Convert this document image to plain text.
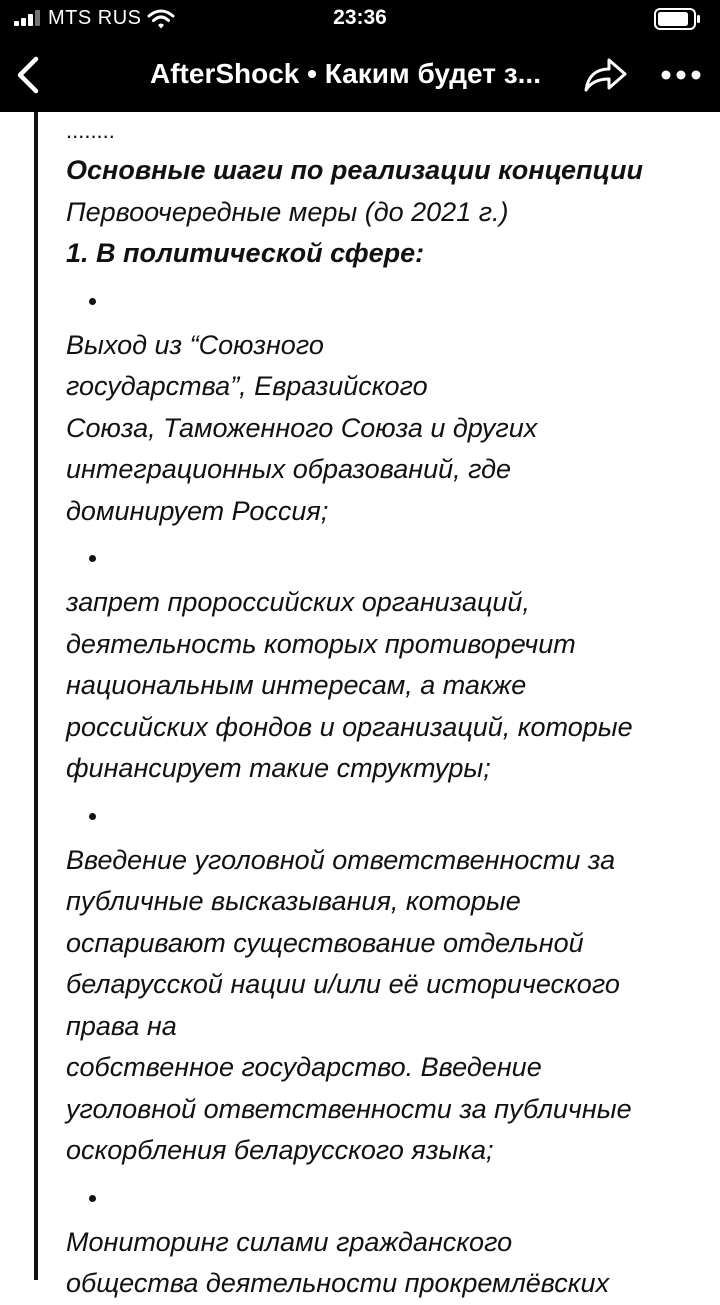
MTS RUS	23:36
AfterShock • Каким будет з...

........

Основные шаги по реализации концепции

Первоочередные меры (до 2021 г.)

1. В политической сфере:

Выход из “Союзного

государства”, Евразийского

Союза, Таможенного Союза и других

интеграционных образований, где

доминирует Россия;

запрет пророссийских организаций,

деятельность которых противоречит

национальным интересам, а также

российских фондов и организаций, которые

финансирует такие структуры;

Введение уголовной ответственности за

публичные высказывания, которые

оспаривают существование отдельной

беларусской нации и/или её исторического

права на

собственное государство. Введение

уголовной ответственности за публичные

оскорбления беларусского языка;

Мониторинг силами гражданского

общества деятельности прокремлёвских
